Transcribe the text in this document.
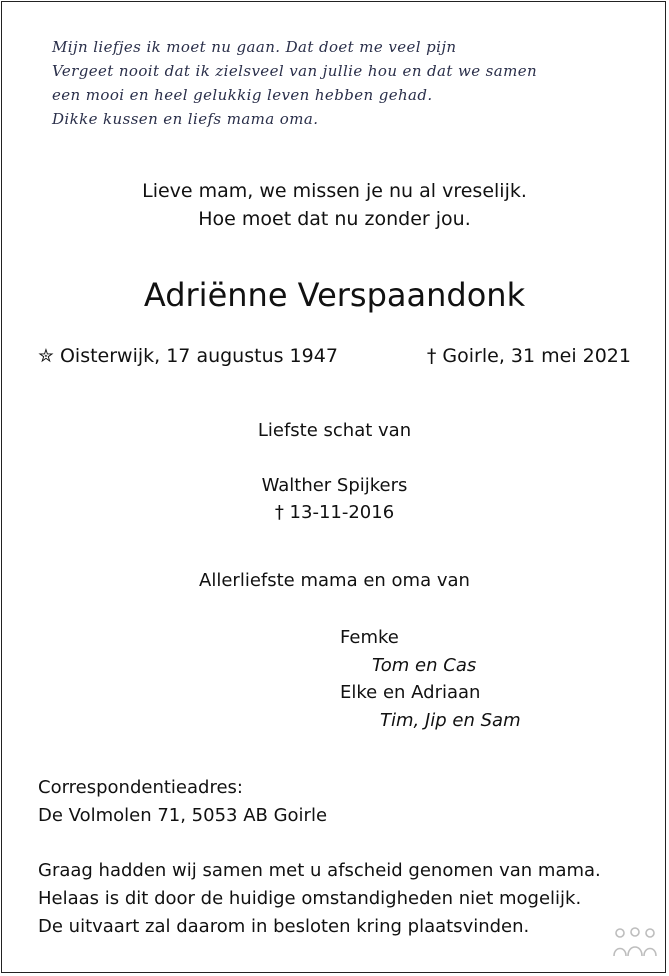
Mijn liefjes ik moet nu gaan. Dat doet me veel pijn
Vergeet nooit dat ik zielsveel van jullie hou en dat we samen
een mooi en heel gelukkig leven hebben gehad.
Dikke kussen en liefs mama oma.
Lieve mam, we missen je nu al vreselijk.
Hoe moet dat nu zonder jou.
Adriënne Verspaandonk
✮ Oisterwijk, 17 augustus 1947	† Goirle, 31 mei 2021
Liefste schat van
Walther Spijkers
† 13-11-2016
Allerliefste mama en oma van
Femke
Tom en Cas
Elke en Adriaan
Tim, Jip en Sam
Correspondentieadres:
De Volmolen 71, 5053 AB Goirle
Graag hadden wij samen met u afscheid genomen van mama.
Helaas is dit door de huidige omstandigheden niet mogelijk.
De uitvaart zal daarom in besloten kring plaatsvinden.
